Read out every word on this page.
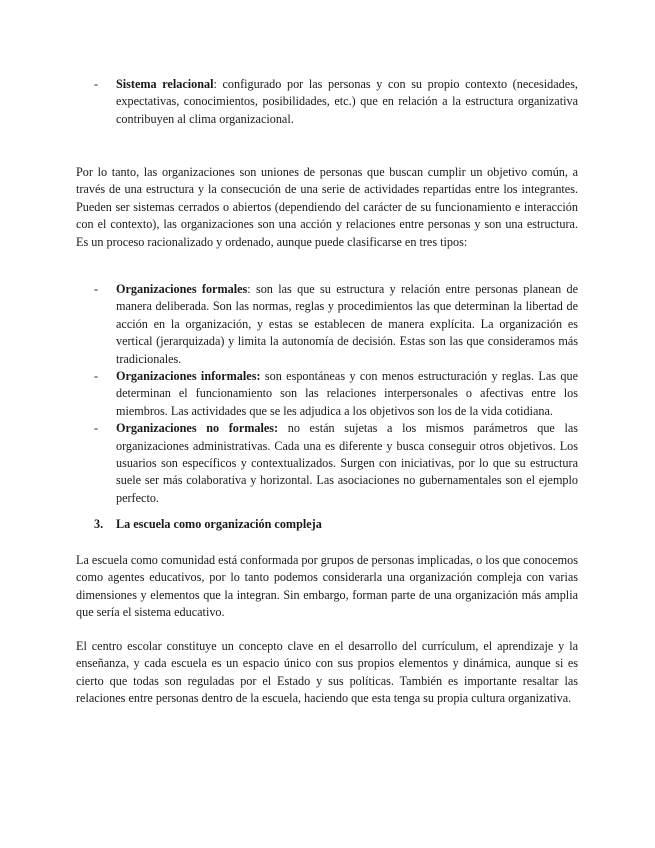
- Sistema relacional: configurado por las personas y con su propio contexto (necesidades, expectativas, conocimientos, posibilidades, etc.) que en relación a la estructura organizativa contribuyen al clima organizacional.

Por lo tanto, las organizaciones son uniones de personas que buscan cumplir un objetivo común, a través de una estructura y la consecución de una serie de actividades repartidas entre los integrantes. Pueden ser sistemas cerrados o abiertos (dependiendo del carácter de su funcionamiento e interacción con el contexto), las organizaciones son una acción y relaciones entre personas y son una estructura. Es un proceso racionalizado y ordenado, aunque puede clasificarse en tres tipos:

- Organizaciones formales: son las que su estructura y relación entre personas planean de manera deliberada. Son las normas, reglas y procedimientos las que determinan la libertad de acción en la organización, y estas se establecen de manera explícita. La organización es vertical (jerarquizada) y limita la autonomía de decisión. Estas son las que consideramos más tradicionales.
- Organizaciones informales: son espontáneas y con menos estructuración y reglas. Las que determinan el funcionamiento son las relaciones interpersonales o afectivas entre los miembros. Las actividades que se les adjudica a los objetivos son los de la vida cotidiana.
- Organizaciones no formales: no están sujetas a los mismos parámetros que las organizaciones administrativas. Cada una es diferente y busca conseguir otros objetivos. Los usuarios son específicos y contextualizados. Surgen con iniciativas, por lo que su estructura suele ser más colaborativa y horizontal. Las asociaciones no gubernamentales son el ejemplo perfecto.

3. La escuela como organización compleja

La escuela como comunidad está conformada por grupos de personas implicadas, o los que conocemos como agentes educativos, por lo tanto podemos considerarla una organización compleja con varias dimensiones y elementos que la integran. Sin embargo, forman parte de una organización más amplia que sería el sistema educativo.

El centro escolar constituye un concepto clave en el desarrollo del currículum, el aprendizaje y la enseñanza, y cada escuela es un espacio único con sus propios elementos y dinámica, aunque si es cierto que todas son reguladas por el Estado y sus políticas. También es importante resaltar las relaciones entre personas dentro de la escuela, haciendo que esta tenga su propia cultura organizativa.
